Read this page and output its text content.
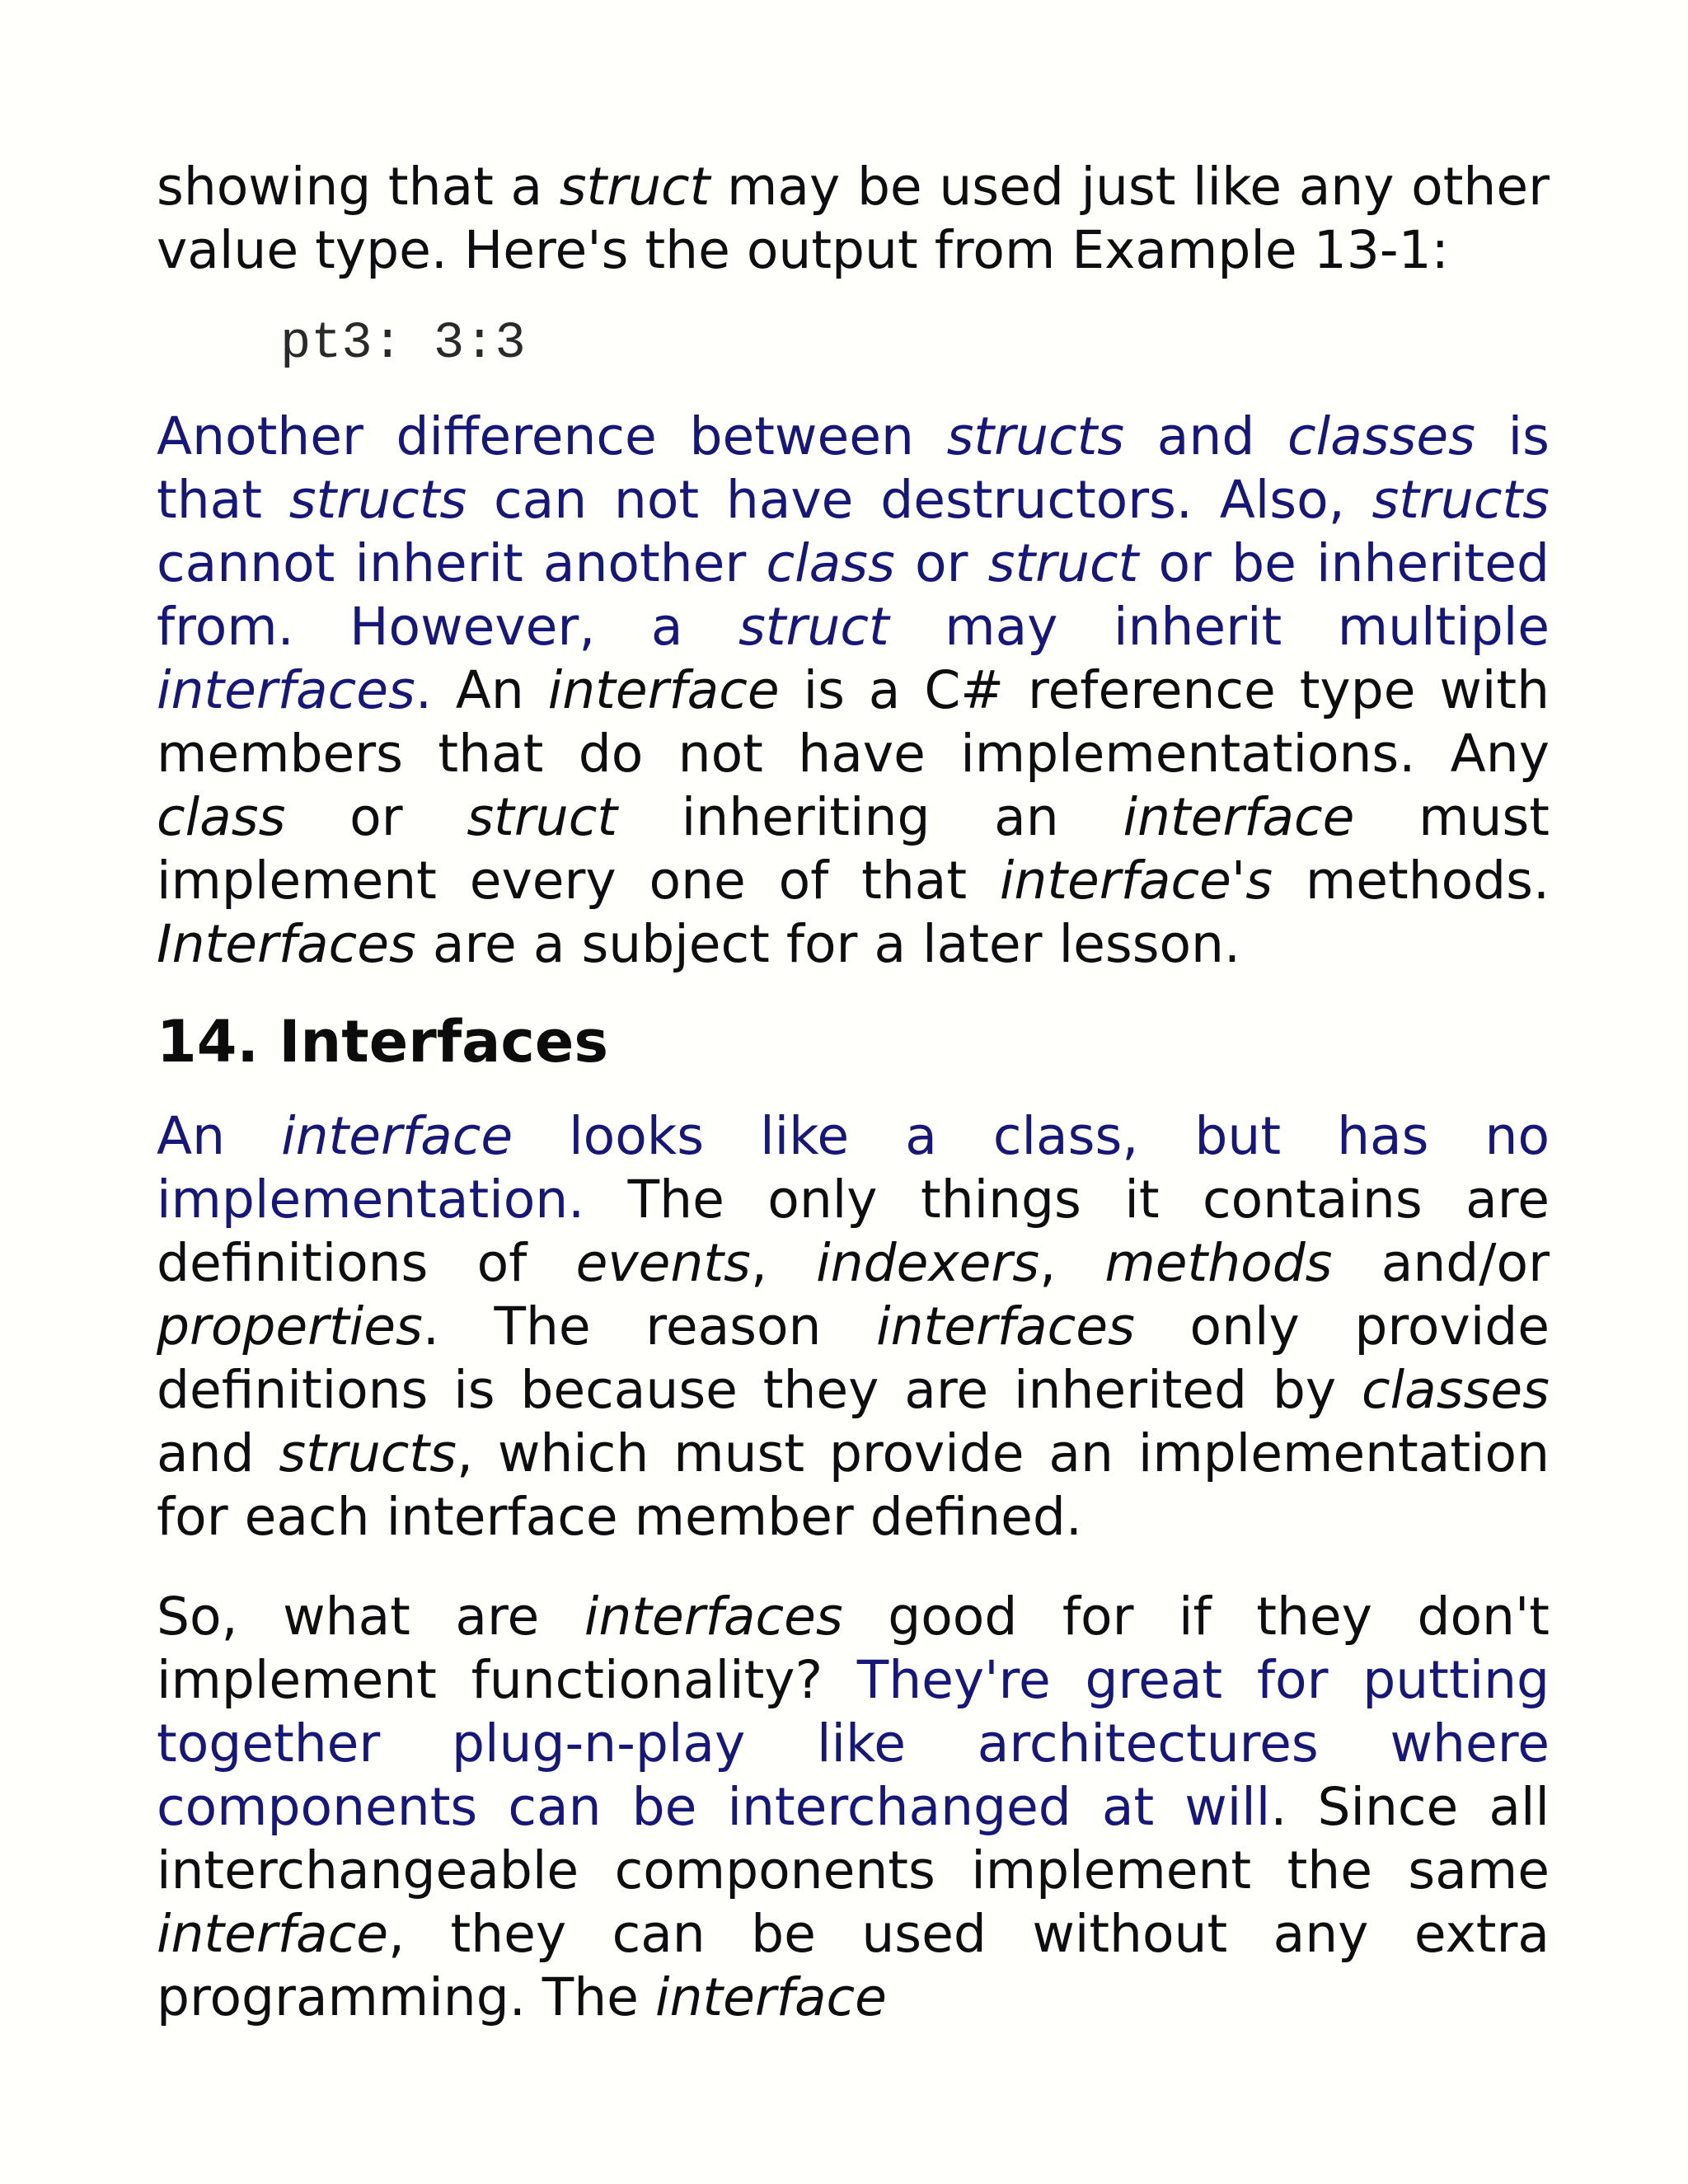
showing that a struct may be used just like any other value type. Here's the output from Example 13-1:

pt3: 3:3

Another difference between structs and classes is that structs can not have destructors. Also, structs cannot inherit another class or struct or be inherited from. However, a struct may inherit multiple interfaces. An interface is a C# reference type with members that do not have implementations. Any class or struct inheriting an interface must implement every one of that interface's methods. Interfaces are a subject for a later lesson.

14. Interfaces

An interface looks like a class, but has no implementation. The only things it contains are definitions of events, indexers, methods and/or properties. The reason interfaces only provide definitions is because they are inherited by classes and structs, which must provide an implementation for each interface member defined.

So, what are interfaces good for if they don't implement functionality? They're great for putting together plug-n-play like architectures where components can be interchanged at will. Since all interchangeable components implement the same interface, they can be used without any extra programming. The interface
